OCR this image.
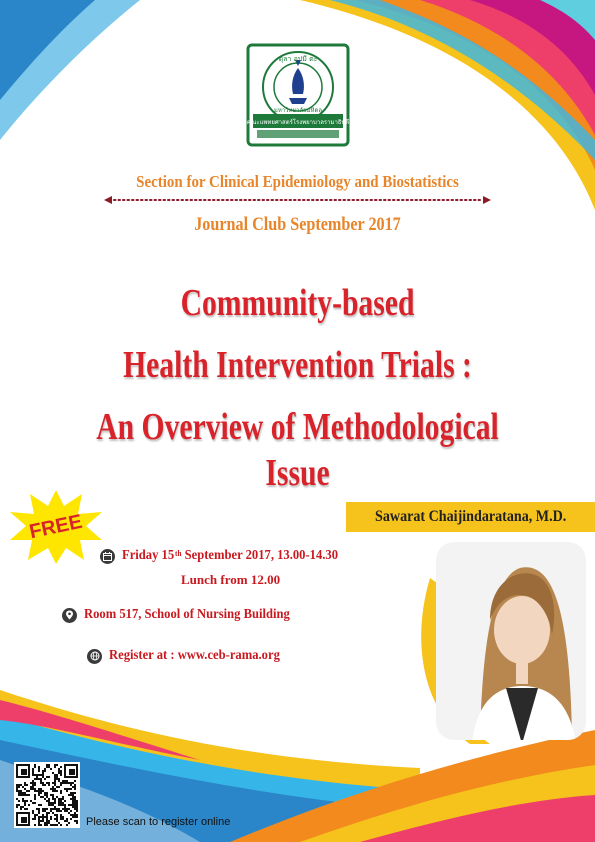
ตุลา อุปมี ตะ
มหาวิทยาลัยมหิดล
คณะแพทยศาสตร์โรงพยาบาลรามาธิบดี
Section for Clinical Epidemiology and Biostatistics
Journal Club September 2017
Community-based
Health Intervention Trials :
An Overview of Methodological Issue
FREE
Friday 15th September 2017, 13.00-14.30
Lunch from 12.00
Room 517, School of Nursing Building
Register at : www.ceb-rama.org
Sawarat Chaijindaratana, M.D.
Please scan to register online
